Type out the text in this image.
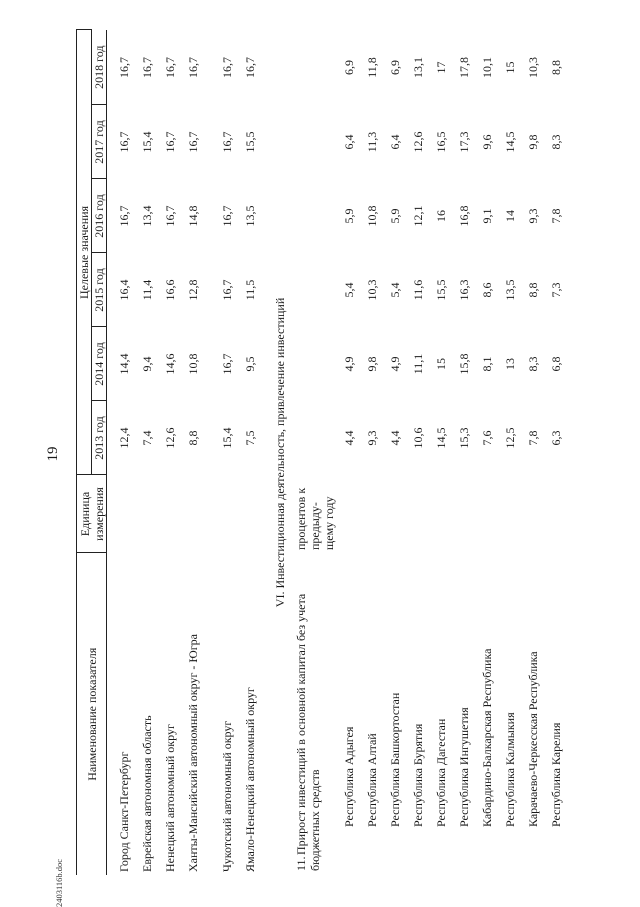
19
Наименование показателя	Единица измерения	Целевые значения					
		2013 год	2014 год	2015 год	2016 год	2017 год	2018 год

Город Санкт-Петербург		12,4	14,4	16,4	16,7	16,7	16,7
Еврейская автономная область		7,4	9,4	11,4	13,4	15,4	16,7
Ненецкий автономный округ		12,6	14,6	16,6	16,7	16,7	16,7
Ханты-Мансийский автономный округ - Югра		8,8	10,8	12,8	14,8	16,7	16,7
Чукотский автономный округ		15,4	16,7	16,7	16,7	16,7	16,7
Ямало-Ненецкий автономный округ		7,5	9,5	11,5	13,5	15,5	16,7
VI. Инвестиционная деятельность, привлечение инвестиций							
11.Прирост инвестиций в основной капитал без учета бюджетных средств	процентов к предыду- щему году						
Республика Адыгея		4,4	4,9	5,4	5,9	6,4	6,9
Республика Алтай		9,3	9,8	10,3	10,8	11,3	11,8
Республика Башкортостан		4,4	4,9	5,4	5,9	6,4	6,9
Республика Бурятия		10,6	11,1	11,6	12,1	12,6	13,1
Республика Дагестан		14,5	15	15,5	16	16,5	17
Республика Ингушетия		15,3	15,8	16,3	16,8	17,3	17,8
Кабардино-Балкарская Республика		7,6	8,1	8,6	9,1	9,6	10,1
Республика Калмыкия		12,5	13	13,5	14	14,5	15
Карачаево-Черкесская Республика		7,8	8,3	8,8	9,3	9,8	10,3
Республика Карелия		6,3	6,8	7,3	7,8	8,3	8,8
2403116b.doc
